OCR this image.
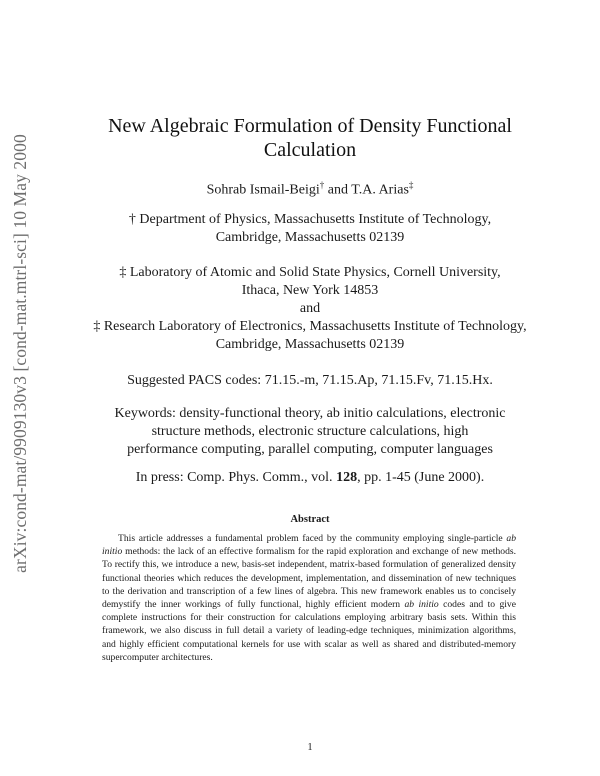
arXiv:cond-mat/9909130v3 [cond-mat.mtrl-sci] 10 May 2000
New Algebraic Formulation of Density Functional
Calculation
Sohrab Ismail-Beigi† and T.A. Arias‡
† Department of Physics, Massachusetts Institute of Technology,
Cambridge, Massachusetts 02139
‡ Laboratory of Atomic and Solid State Physics, Cornell University,
Ithaca, New York 14853
and
‡ Research Laboratory of Electronics, Massachusetts Institute of Technology,
Cambridge, Massachusetts 02139
Suggested PACS codes: 71.15.-m, 71.15.Ap, 71.15.Fv, 71.15.Hx.
Keywords: density-functional theory, ab initio calculations, electronic
structure methods, electronic structure calculations, high
performance computing, parallel computing, computer languages
In press: Comp. Phys. Comm., vol. 128, pp. 1-45 (June 2000).
Abstract
This article addresses a fundamental problem faced by the community employing single-particle ab initio methods: the lack of an effective formalism for the rapid exploration and exchange of new methods. To rectify this, we introduce a new, basis-set independent, matrix-based formulation of generalized density functional theories which reduces the development, implementation, and dissemination of new techniques to the derivation and transcription of a few lines of algebra. This new framework enables us to concisely demystify the inner workings of fully functional, highly efficient modern ab initio codes and to give complete instructions for their construction for calculations employing arbitrary basis sets. Within this framework, we also discuss in full detail a variety of leading-edge techniques, minimization algorithms, and highly efficient computational kernels for use with scalar as well as shared and distributed-memory supercomputer architectures.
1
